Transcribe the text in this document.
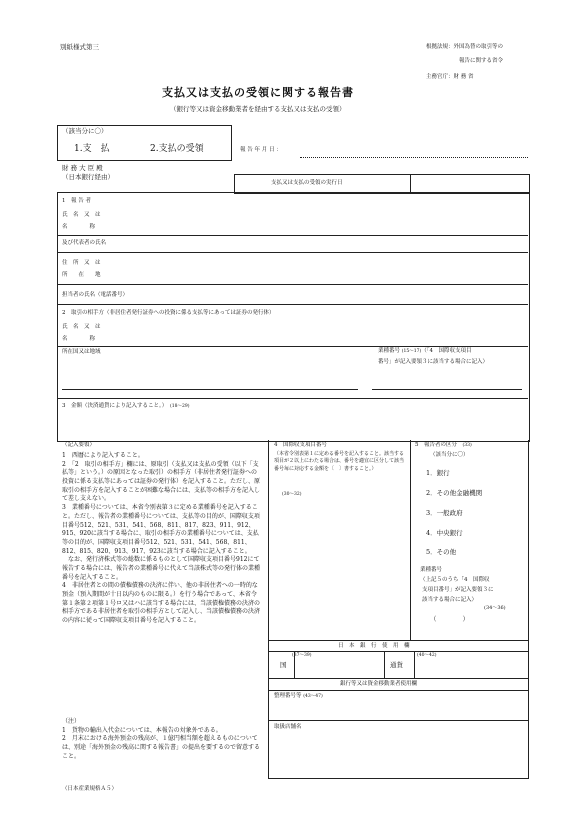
別紙様式第三	根拠法規：外国為替の取引等の
報告に関する省令
主務官庁：財 務 省
支払又は支払の受領に関する報告書
（銀行等又は資金移動業者を経由する支払又は支払の受領）
（該当分に〇）
1.支　払	2.支払の受領	報 告 年 月 日 ：
財 務 大 臣 殿
（日本銀行経由）
支払又は支払の受領の実行日
1　報 告 者
氏　名　又　は
名　　　　称
及び代表者の氏名
住　所　又　は
所　　在　　地
担当者の氏名（電話番号）
2　取引の相手方（非居住者発行証券への投資に係る支払等にあっては証券の発行体）
氏　名　又　は
名　　　　称
所在国又は地域	業種番号 (15〜17)（「4　国際収支項目
番号」が記入要領３に該当する場合に記入）
3　金額（決済通貨により記入すること。）　 (18〜29)
（記入要領）
1　西暦により記入すること。
2　「2　取引の相手方」欄には、原取引（支払又は支払の受領（以下「支払等」という。）の原因となった取引）の相手方（非居住者発行証券への投資に係る支払等にあっては証券の発行体）を記入すること。ただし、原取引の相手方を記入することが困難な場合には、支払等の相手方を記入して差し支えない。
3　業種番号については、本省令別表第３に定める業種番号を記入すること。ただし、報告者の業種番号については、支払等の目的が、国際収支項目番号512、521、531、541、568、811、817、823、911、912、915、920に該当する場合に、取引の相手方の業種番号については、支払等の目的が、国際収支項目番号512、521、531、541、568、811、812、815、820、913、917、923に該当する場合に記入すること。
　なお、発行済株式等の総数に係るものとして国際収支項目番号912にて報告する場合には、報告者の業種番号に代えて当該株式等の発行体の業種番号を記入すること。
4　非居住者との間の債権債務の決済に伴い、他の非居住者への一時的な預金（預入期間が十日以内のものに限る。）を行う場合であって、本省令第１条第２項第１号ロ又はハに該当する場合には、当該債権債務の決済の相手方である非居住者を取引の相手方として記入し、当該債権債務の決済の内容に従って国際収支項目番号を記入すること。
（注）
1　貨物の輸出入代金については、本報告の対象外である。
2　月末における海外預金の残高が、１億円相当額を超えるものについては、別途「海外預金の残高に関する報告書」の提出を要するので留意すること。
（日本産業規格Ａ５）
4　国際収支項目番号
（本省令別表第１に定める番号を記入すること。該当する項目が２以上にわたる場合は、番号を適宜に区分して該当番号毎に対応する金額を〔　〕書すること。）
(30〜32)
5　報告者の区分　 (33)
（該当分に〇）
1．銀行
2．その他金融機関
3．一般政府
4．中央銀行
5．その他
業種番号
（上記５のうち「4　国際収
支項目番号」が記入要領３に
該当する場合に記入）
(34〜36)
（　　　　）
日　本　銀　行　使　用　欄
(37〜39)	(40〜42)
国	通貨
銀行等又は資金移動業者使用欄
整理番号等 (43〜47)
取扱店舗名
